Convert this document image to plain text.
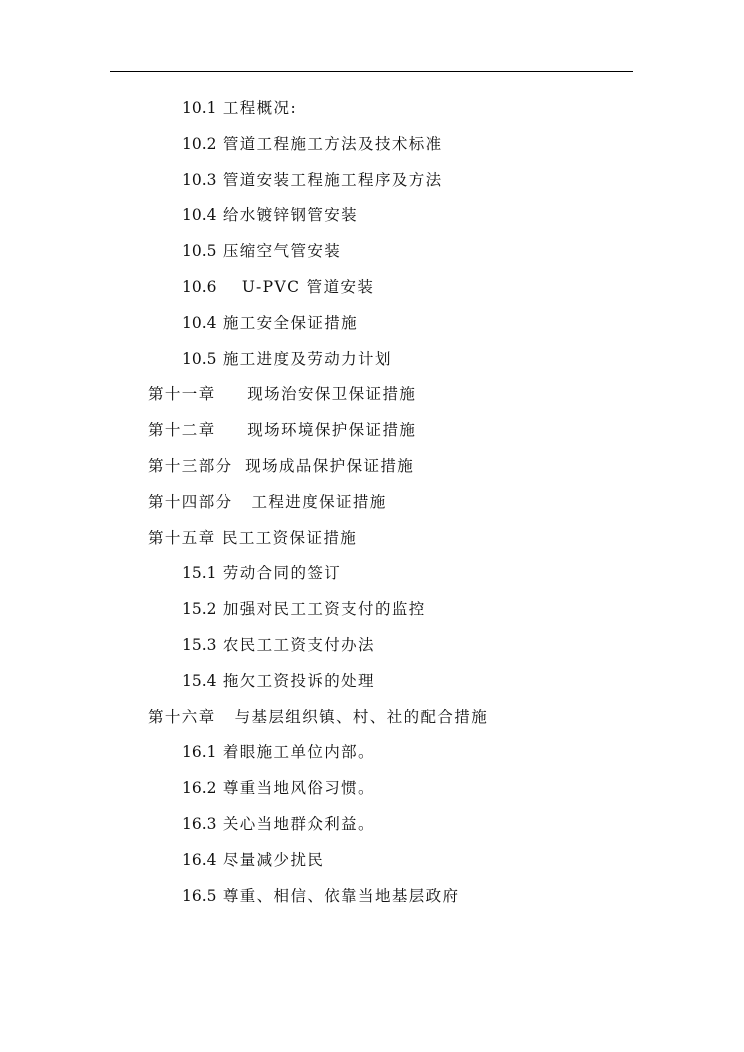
10.1 工程概况:
10.2 管道工程施工方法及技术标准
10.3 管道安装工程施工程序及方法
10.4 给水镀锌钢管安装
10.5 压缩空气管安装
10.6 U-PVC 管道安装
10.4 施工安全保证措施
10.5 施工进度及劳动力计划
第十一章 现场治安保卫保证措施
第十二章 现场环境保护保证措施
第十三部分 现场成品保护保证措施
第十四部分 工程进度保证措施
第十五章 民工工资保证措施
15.1 劳动合同的签订
15.2 加强对民工工资支付的监控
15.3 农民工工资支付办法
15.4 拖欠工资投诉的处理
第十六章 与基层组织镇、村、社的配合措施
16.1 着眼施工单位内部。
16.2 尊重当地风俗习惯。
16.3 关心当地群众利益。
16.4 尽量减少扰民
16.5 尊重、相信、依靠当地基层政府
